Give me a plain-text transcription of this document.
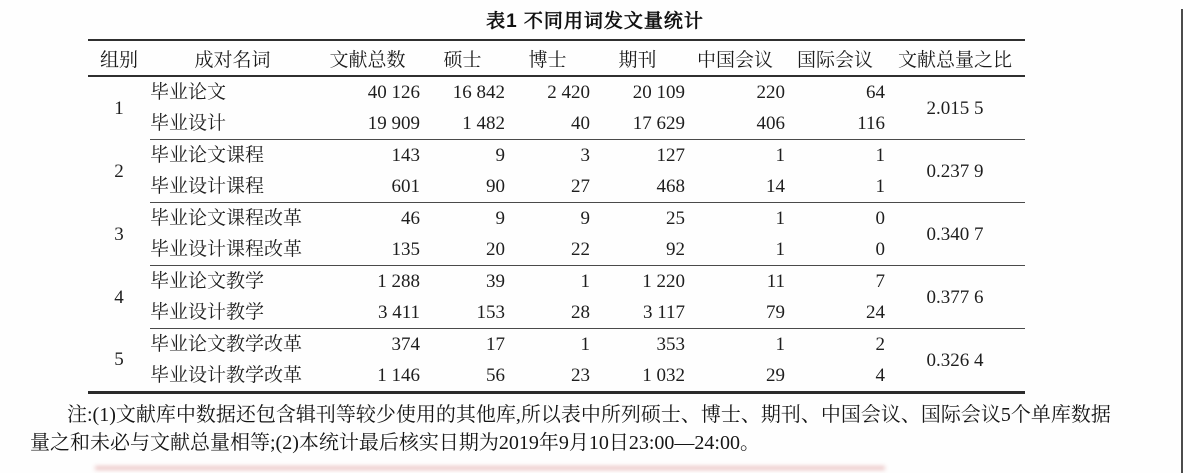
表1 不同用词发文量统计
组别	成对名词	文献总数	硕士	博士	期刊	中国会议	国际会议	文献总量之比
1	毕业论文	40 126	16 842	2 420	20 109	220	64	2.015 5
	毕业设计	19 909	1 482	40	17 629	406	116	
2	毕业论文课程	143	9	3	127	1	1	0.237 9
	毕业设计课程	601	90	27	468	14	1	
3	毕业论文课程改革	46	9	9	25	1	0	0.340 7
	毕业设计课程改革	135	20	22	92	1	0	
4	毕业论文教学	1 288	39	1	1 220	11	7	0.377 6
	毕业设计教学	3 411	153	28	3 117	79	24	
5	毕业论文教学改革	374	17	1	353	1	2	0.326 4
	毕业设计教学改革	1 146	56	23	1 032	29	4	
注:(1)文献库中数据还包含辑刊等较少使用的其他库,所以表中所列硕士、博士、期刊、中国会议、国际会议5个单库数据
量之和未必与文献总量相等;(2)本统计最后核实日期为2019年9月10日23:00—24:00。
